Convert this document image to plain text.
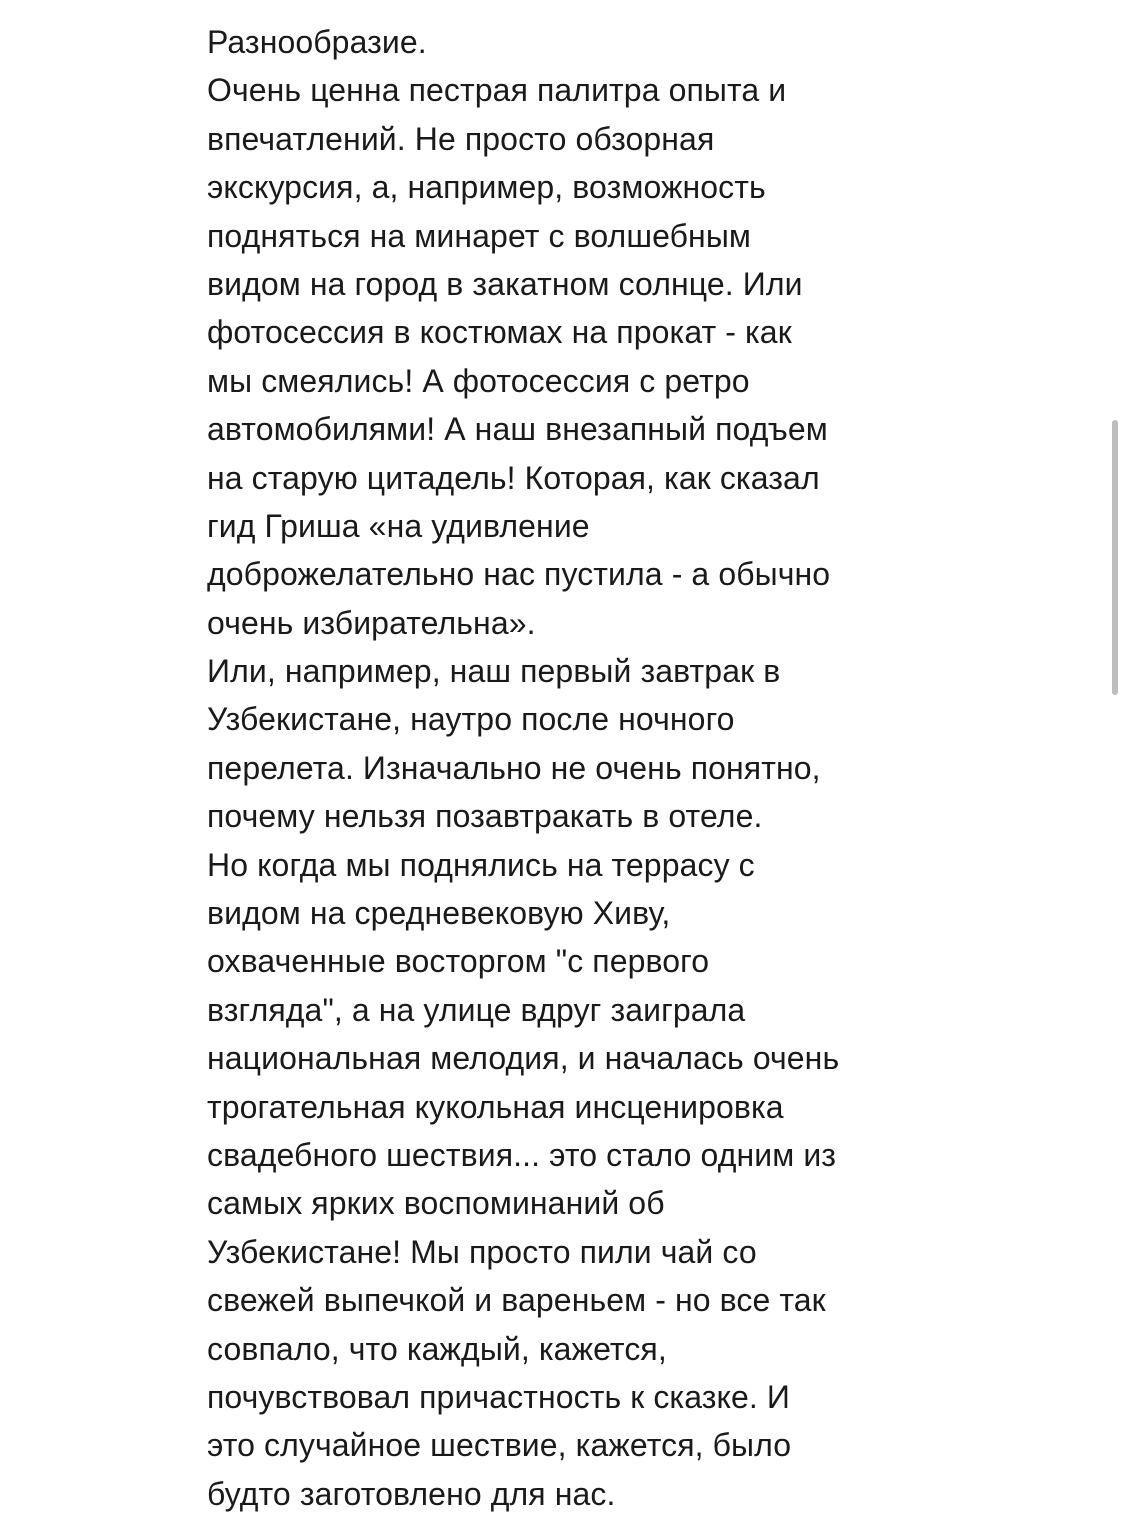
Разнообразие.
Очень ценна пестрая палитра опыта и
впечатлений. Не просто обзорная
экскурсия, а, например, возможность
подняться на минарет с волшебным
видом на город в закатном солнце. Или
фотосессия в костюмах на прокат - как
мы смеялись! А фотосессия с ретро
автомобилями! А наш внезапный подъем
на старую цитадель! Которая, как сказал
гид Гриша «на удивление
доброжелательно нас пустила - а обычно
очень избирательна».
Или, например, наш первый завтрак в
Узбекистане, наутро после ночного
перелета. Изначально не очень понятно,
почему нельзя позавтракать в отеле.
Но когда мы поднялись на террасу с
видом на средневековую Хиву,
охваченные восторгом "с первого
взгляда", а на улице вдруг заиграла
национальная мелодия, и началась очень
трогательная кукольная инсценировка
свадебного шествия... это стало одним из
самых ярких воспоминаний об
Узбекистане! Мы просто пили чай со
свежей выпечкой и вареньем - но все так
совпало, что каждый, кажется,
почувствовал причастность к сказке. И
это случайное шествие, кажется, было
будто заготовлено для нас.
